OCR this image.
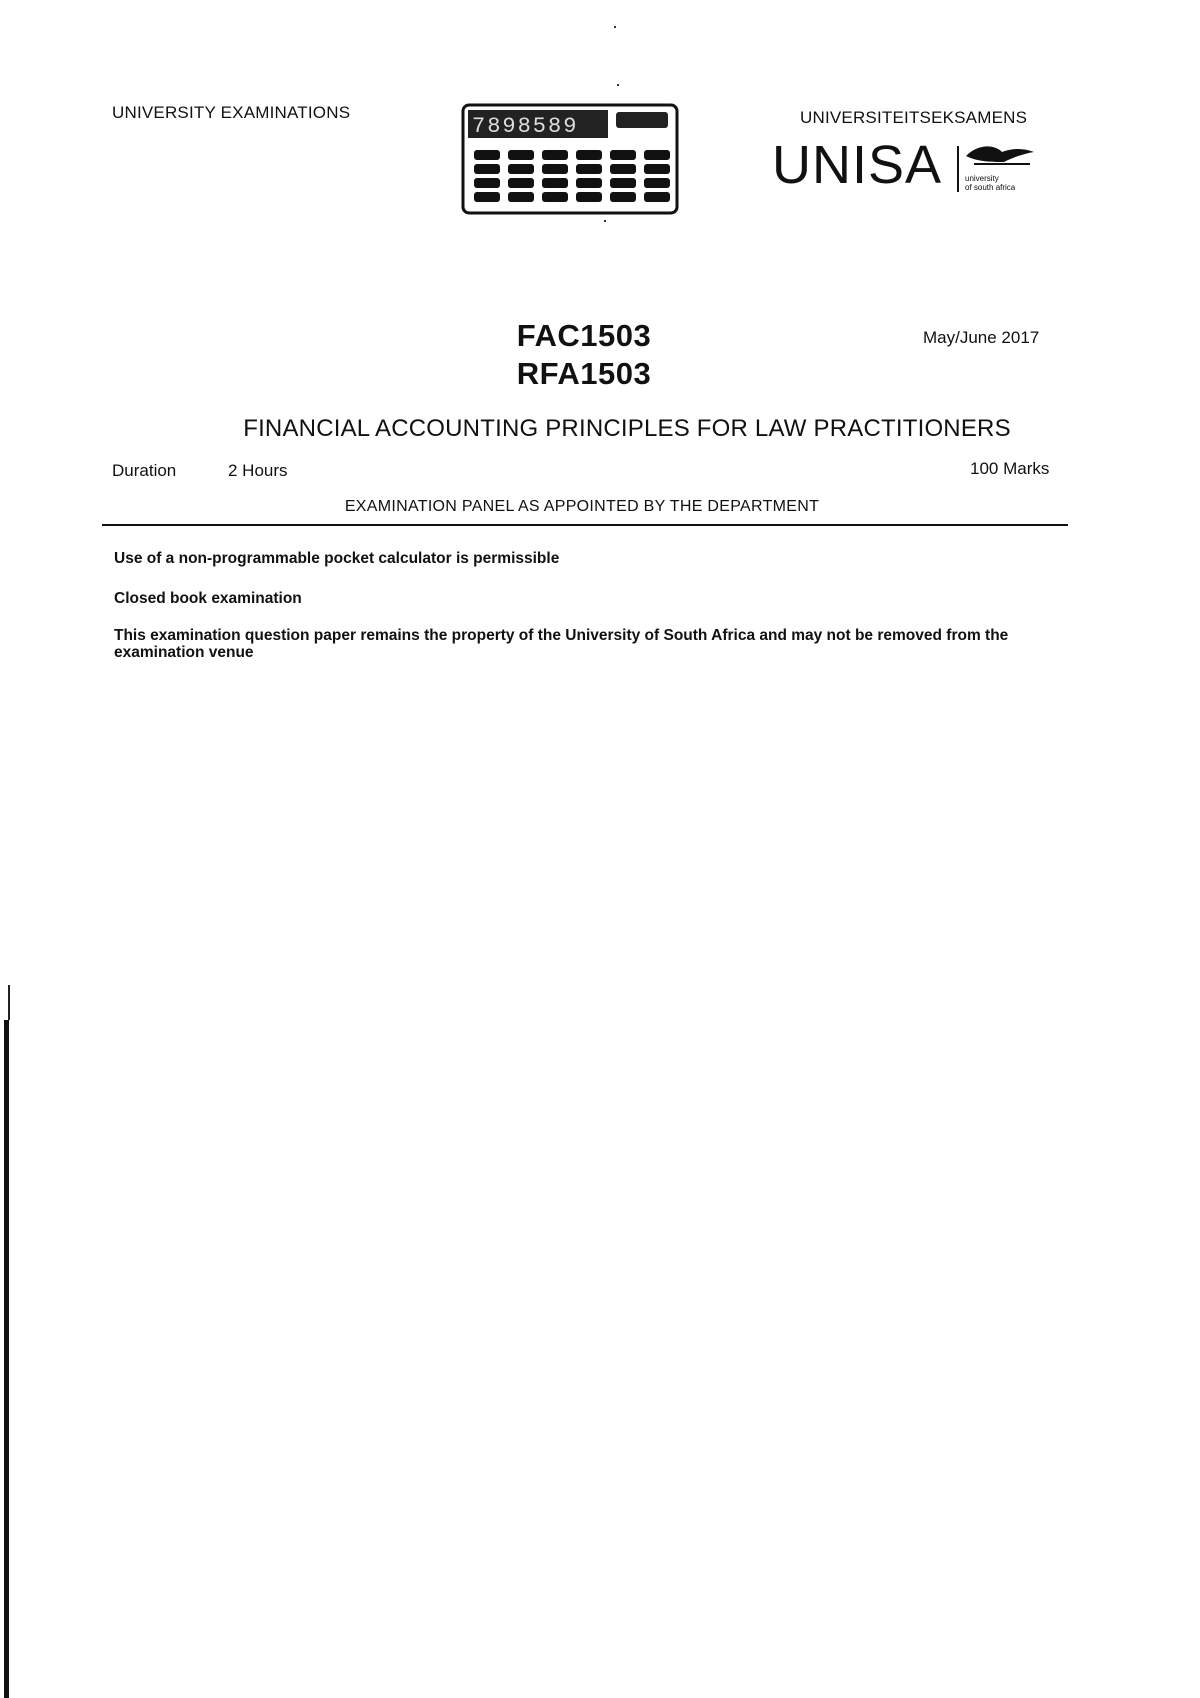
UNIVERSITY EXAMINATIONS
7898589	UNIVERSITEITSEKSAMENS
UNISA	university
of south africa
FAC1503
RFA1503
May/June 2017
FINANCIAL ACCOUNTING PRINCIPLES FOR LAW PRACTITIONERS
Duration	2 Hours	100 Marks
EXAMINATION PANEL AS APPOINTED BY THE DEPARTMENT
Use of a non-programmable pocket calculator is permissible
Closed book examination
This examination question paper remains the property of the University of South Africa and may not be removed from the examination venue
